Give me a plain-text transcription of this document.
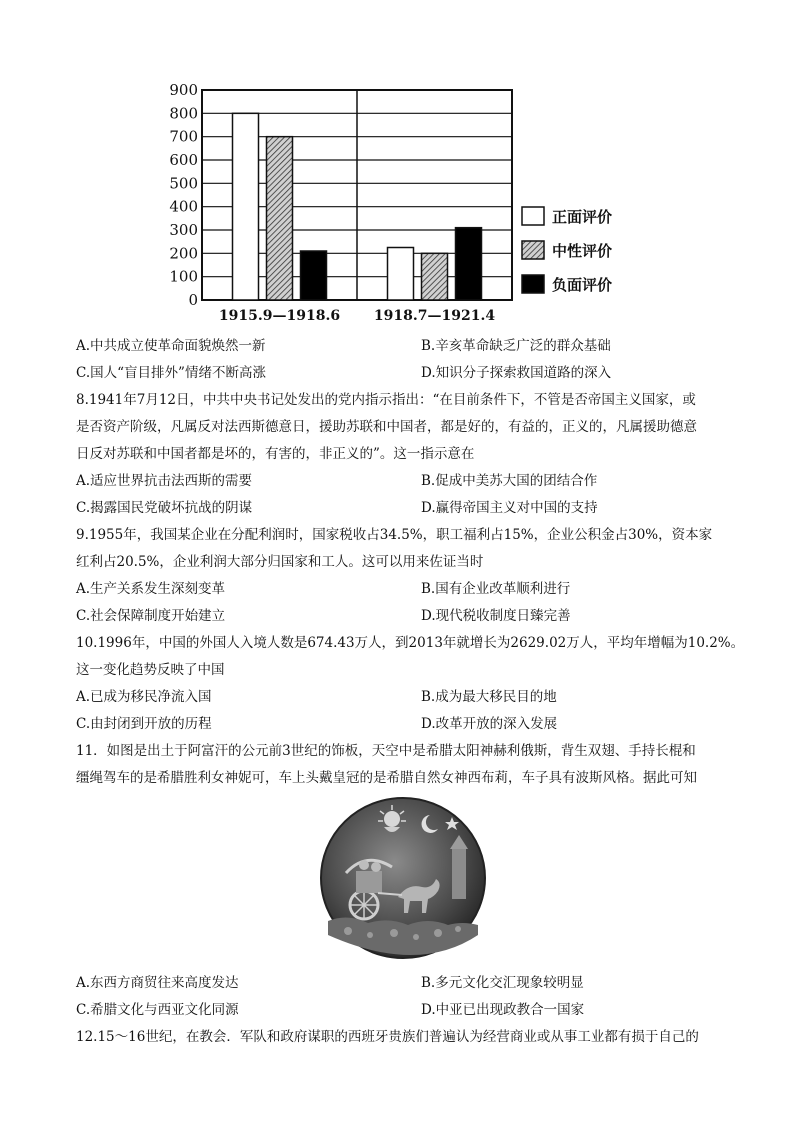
0
100
200
300
400
500
600
700
800
900
1915.9—1918.6 1918.7—1921.4
正面评价
中性评价
负面评价
A.中共成立使革命面貌焕然一新	B.辛亥革命缺乏广泛的群众基础
C.国人“盲目排外”情绪不断高涨	D.知识分子探索救国道路的深入
8.1941年7月12日，中共中央书记处发出的党内指示指出：“在目前条件下，不管是否帝国主义国家，或
是否资产阶级，凡属反对法西斯德意日，援助苏联和中国者，都是好的，有益的，正义的，凡属援助德意
日反对苏联和中国者都是坏的，有害的，非正义的”。这一指示意在
A.适应世界抗击法西斯的需要	B.促成中美苏大国的团结合作
C.揭露国民党破坏抗战的阴谋	D.赢得帝国主义对中国的支持
9.1955年，我国某企业在分配利润时，国家税收占34.5%，职工福利占15%，企业公积金占30%，资本家
红利占20.5%，企业利润大部分归国家和工人。这可以用来佐证当时
A.生产关系发生深刻变革	B.国有企业改革顺利进行
C.社会保障制度开始建立	D.现代税收制度日臻完善
10.1996年，中国的外国人入境人数是674.43万人，到2013年就增长为2629.02万人，平均年增幅为10.2%。
这一变化趋势反映了中国
A.已成为移民净流入国	B.成为最大移民目的地
C.由封闭到开放的历程	D.改革开放的深入发展
11．如图是出土于阿富汗的公元前3世纪的饰板，天空中是希腊太阳神赫利俄斯，背生双翅、手持长棍和
缰绳驾车的是希腊胜利女神妮可，车上头戴皇冠的是希腊自然女神西布莉，车子具有波斯风格。据此可知
A.东西方商贸往来高度发达	B.多元文化交汇现象较明显
C.希腊文化与西亚文化同源	D.中亚已出现政教合一国家
12.15～16世纪，在教会．军队和政府谋职的西班牙贵族们普遍认为经营商业或从事工业都有损于自己的
